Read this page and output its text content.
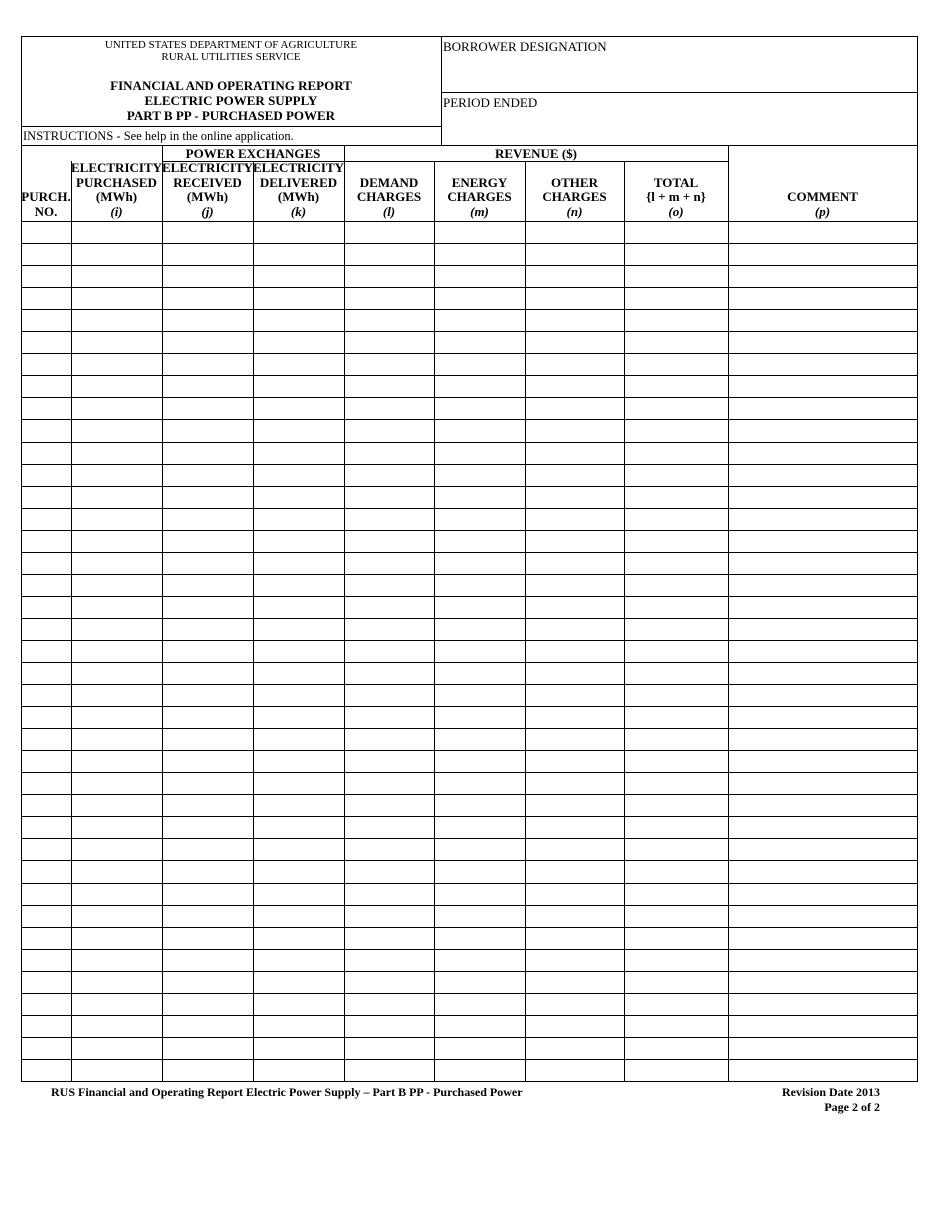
UNITED STATES DEPARTMENT OF AGRICULTURE
RURAL UTILITIES SERVICE
FINANCIAL AND OPERATING REPORT
ELECTRIC POWER SUPPLY
PART B PP - PURCHASED POWER
BORROWER DESIGNATION
PERIOD ENDED
INSTRUCTIONS - See help in the online application.
POWER EXCHANGES	REVENUE ($)
PURCH.
NO.
ELECTRICITY
PURCHASED
(MWh)
(i)
ELECTRICITY
RECEIVED
(MWh)
(j)
ELECTRICITY
DELIVERED
(MWh)
(k)
DEMAND
CHARGES
(l)
ENERGY
CHARGES
(m)
OTHER
CHARGES
(n)
TOTAL
{l + m + n}
(o)
COMMENT
(p)
RUS Financial and Operating Report Electric Power Supply – Part B PP - Purchased Power	Revision Date 2013
Page 2 of 2
